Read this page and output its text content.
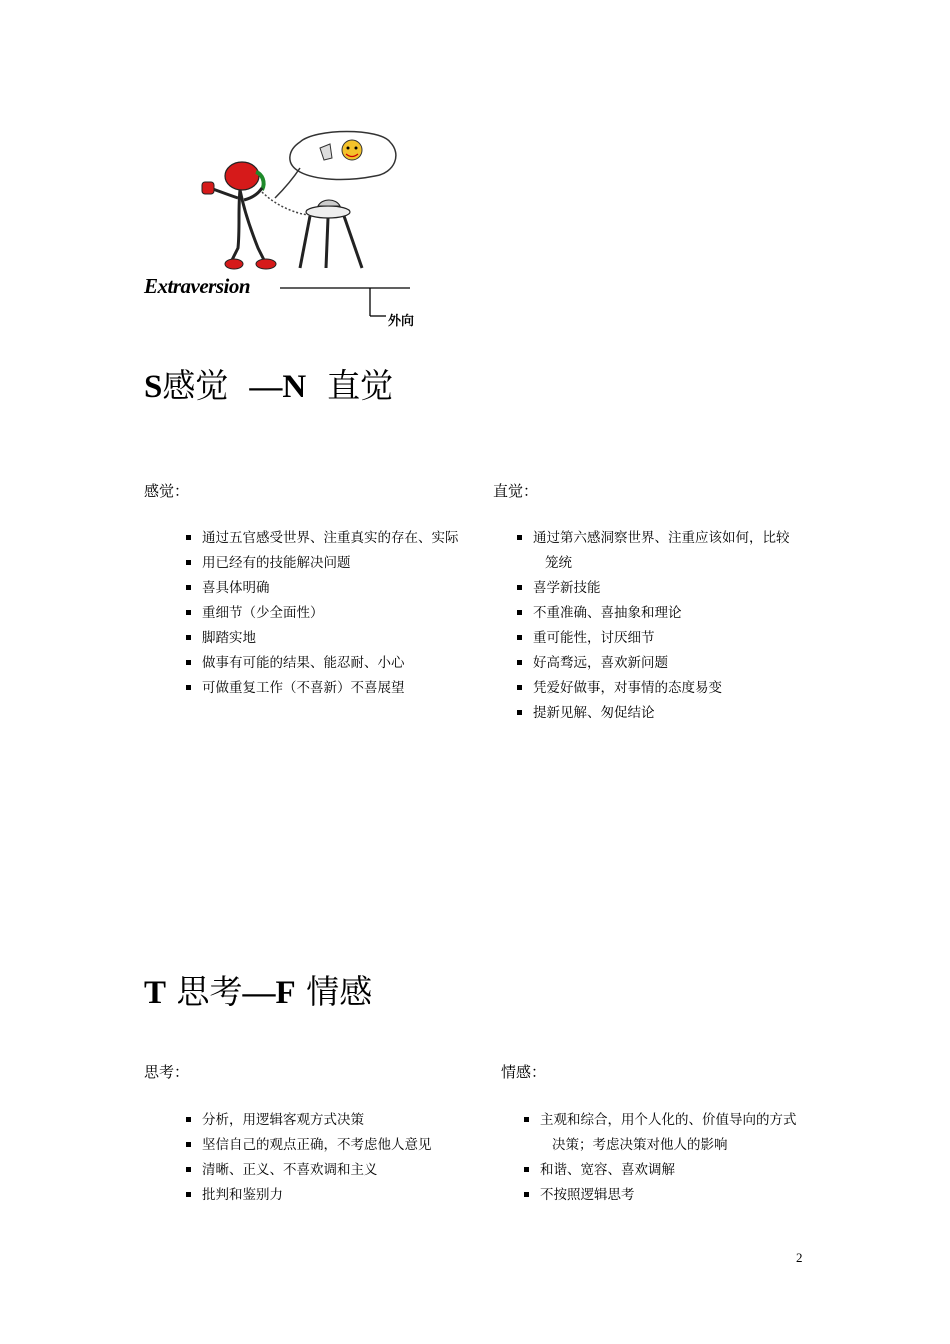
Extraversion
外向
S感觉 —N 直觉
感觉：	直觉：
通过五官感受世界、注重真实的存在、实际
用已经有的技能解决问题
喜具体明确
重细节（少全面性）
脚踏实地
做事有可能的结果、能忍耐、小心
可做重复工作（不喜新）不喜展望
通过第六感洞察世界、注重应该如何，比较
笼统
喜学新技能
不重准确、喜抽象和理论
重可能性，讨厌细节
好高骛远，喜欢新问题
凭爱好做事，对事情的态度易变
提新见解、匆促结论
T 思考—F 情感
思考：	情感：
分析，用逻辑客观方式决策
坚信自己的观点正确，不考虑他人意见
清晰、正义、不喜欢调和主义
批判和鉴别力
主观和综合，用个人化的、价值导向的方式
决策；考虑决策对他人的影响
和谐、宽容、喜欢调解
不按照逻辑思考
2
